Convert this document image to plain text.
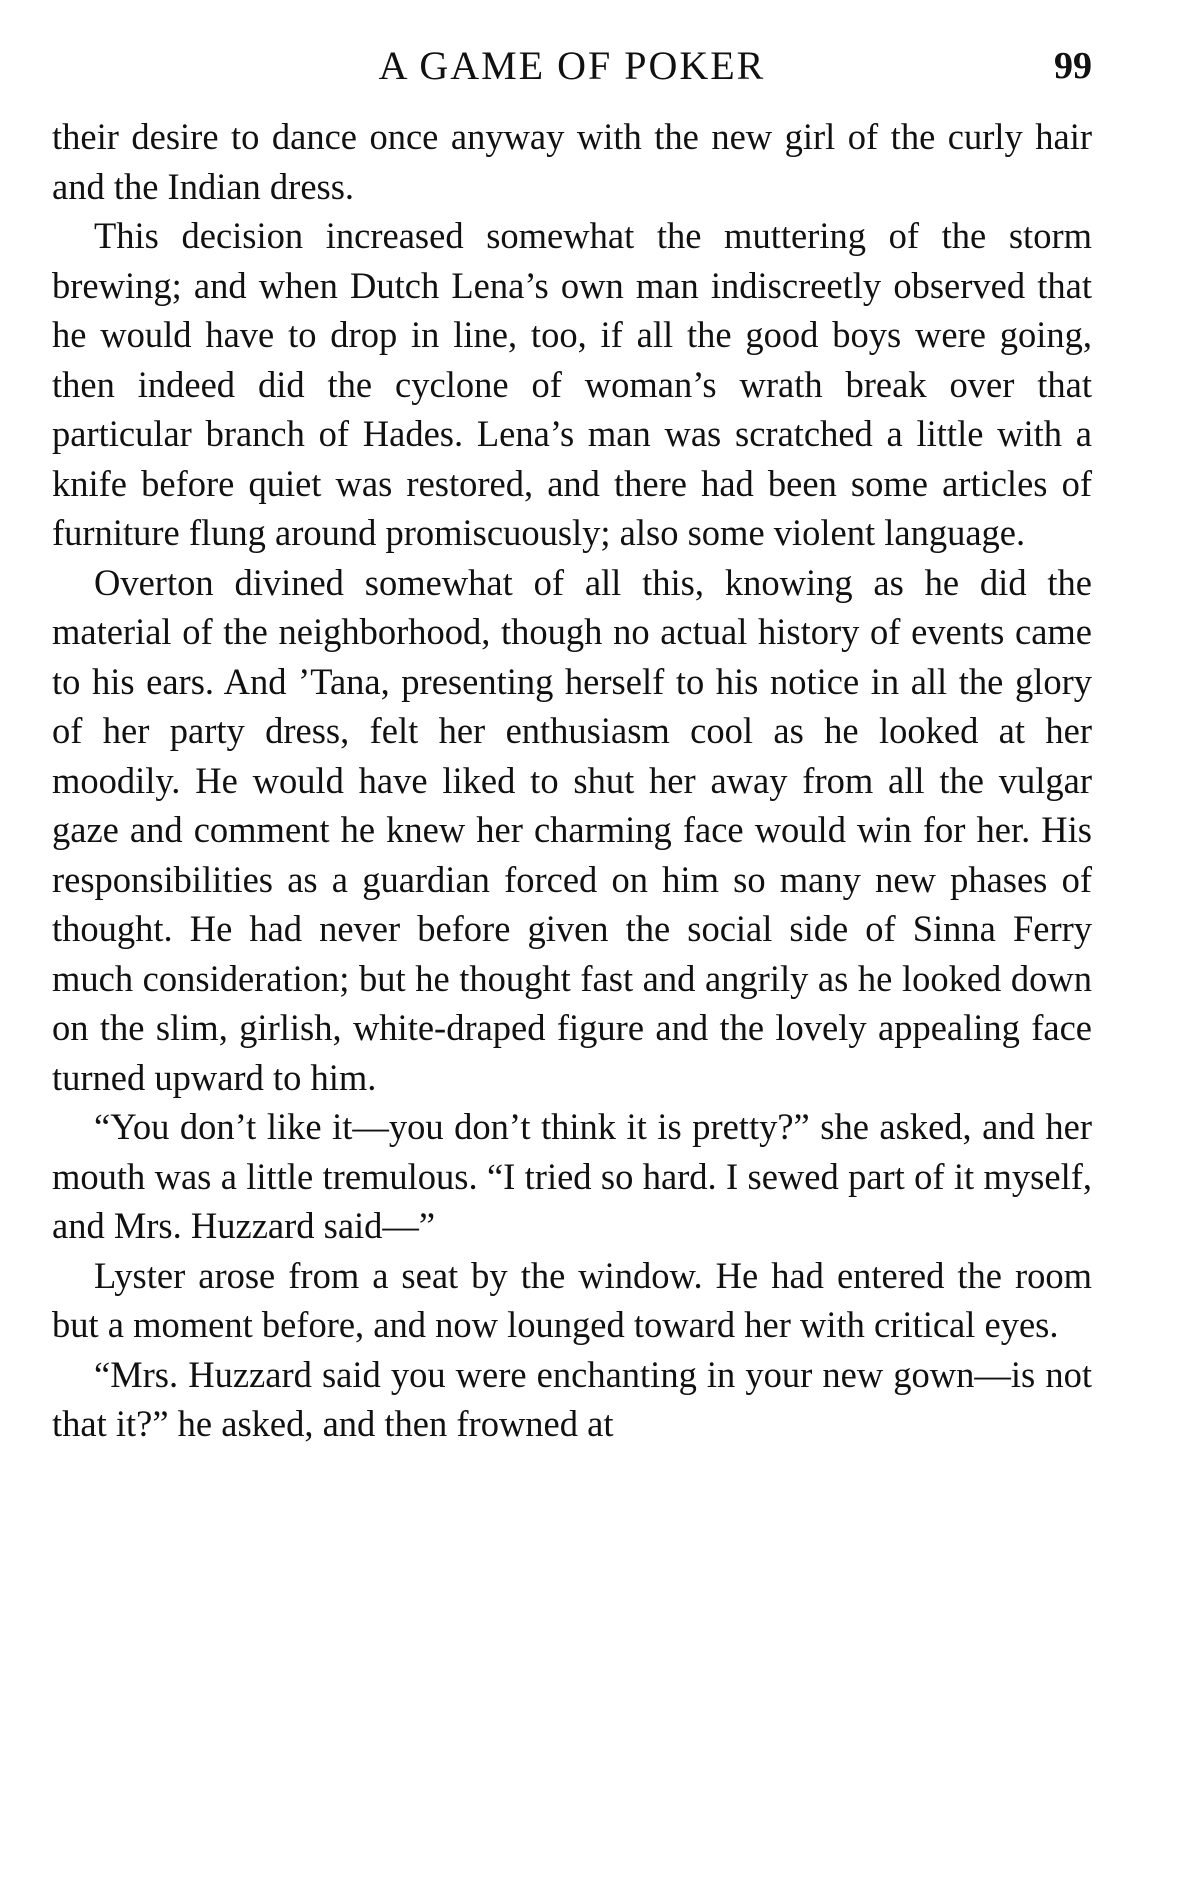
A GAME OF POKER	99

their desire to dance once anyway with the new girl of the curly hair and the Indian dress.

This decision increased somewhat the muttering of the storm brewing; and when Dutch Lena’s own man indiscreetly observed that he would have to drop in line, too, if all the good boys were going, then indeed did the cyclone of woman’s wrath break over that particular branch of Hades. Lena’s man was scratched a little with a knife before quiet was restored, and there had been some articles of furniture flung around promiscuously; also some violent language.

Overton divined somewhat of all this, knowing as he did the material of the neighborhood, though no actual history of events came to his ears. And ’Tana, presenting herself to his notice in all the glory of her party dress, felt her enthusiasm cool as he looked at her moodily. He would have liked to shut her away from all the vulgar gaze and comment he knew her charming face would win for her. His responsibilities as a guardian forced on him so many new phases of thought. He had never before given the social side of Sinna Ferry much consideration; but he thought fast and angrily as he looked down on the slim, girlish, white-draped figure and the lovely appealing face turned upward to him.

“You don’t like it—you don’t think it is pretty?” she asked, and her mouth was a little tremulous. “I tried so hard. I sewed part of it myself, and Mrs. Huzzard said—”

Lyster arose from a seat by the window. He had entered the room but a moment before, and now lounged toward her with critical eyes.

“Mrs. Huzzard said you were enchanting in your new gown—is not that it?” he asked, and then frowned at
